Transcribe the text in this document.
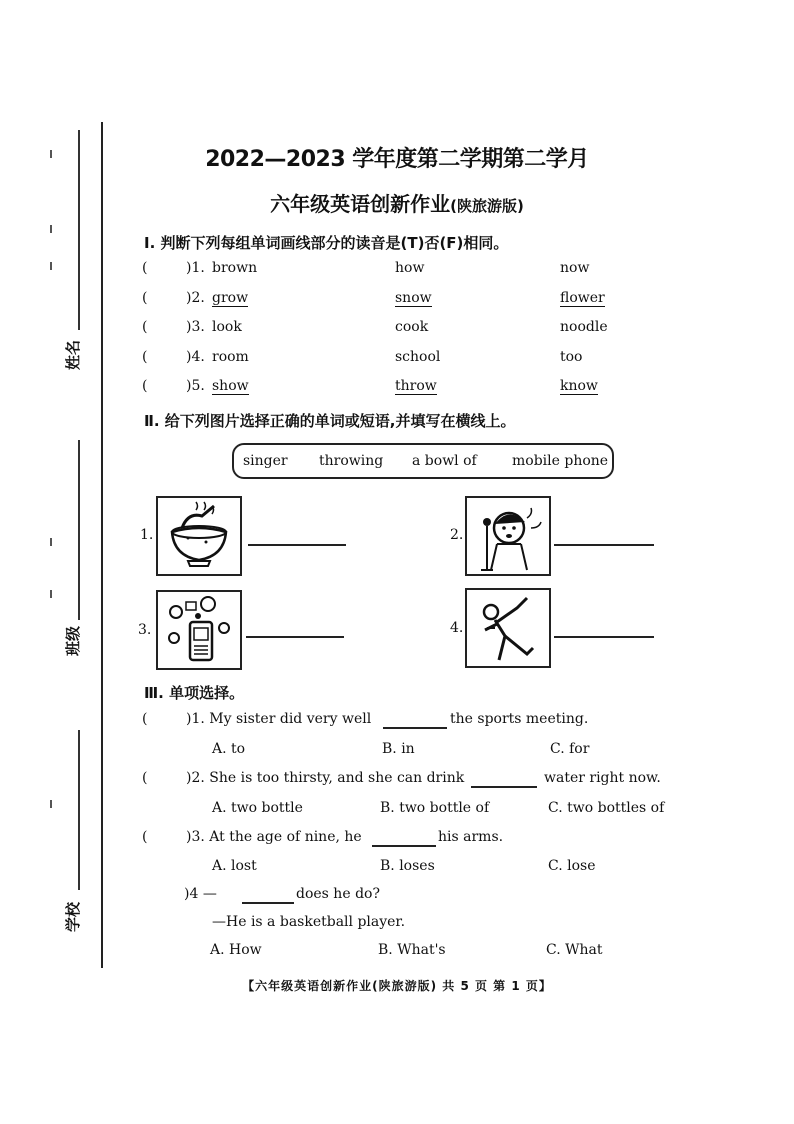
姓名
班级
学校
2022—2023 学年度第二学期第二学月
六年级英语创新作业(陕旅游版)
Ⅰ. 判断下列每组单词画线部分的读音是(T)否(F)相同。
(	)1. brown	how	now
(	)2. grow	snow	flower
(	)3. look	cook	noodle
(	)4. room	school	too
(	)5. show	throw	know
Ⅱ. 给下列图片选择正确的单词或短语,并填写在横线上。
singer throwing a bowl of	mobile phone
1.	2.
3.	4.
Ⅲ. 单项选择。
(	)1. My sister did very well	the sports meeting.
A. to	B. in	C. for
(	)2. She is too thirsty, and she can drink	water right now.
A. two bottle	B. two bottle of	C. two bottles of
(	)3. At the age of nine, he	his arms.
A. lost	B. loses	C. lose
)4 —	does he do?
—He is a basketball player.
A. How	B. What's	C. What
【六年级英语创新作业(陕旅游版) 共 5 页 第 1 页】
